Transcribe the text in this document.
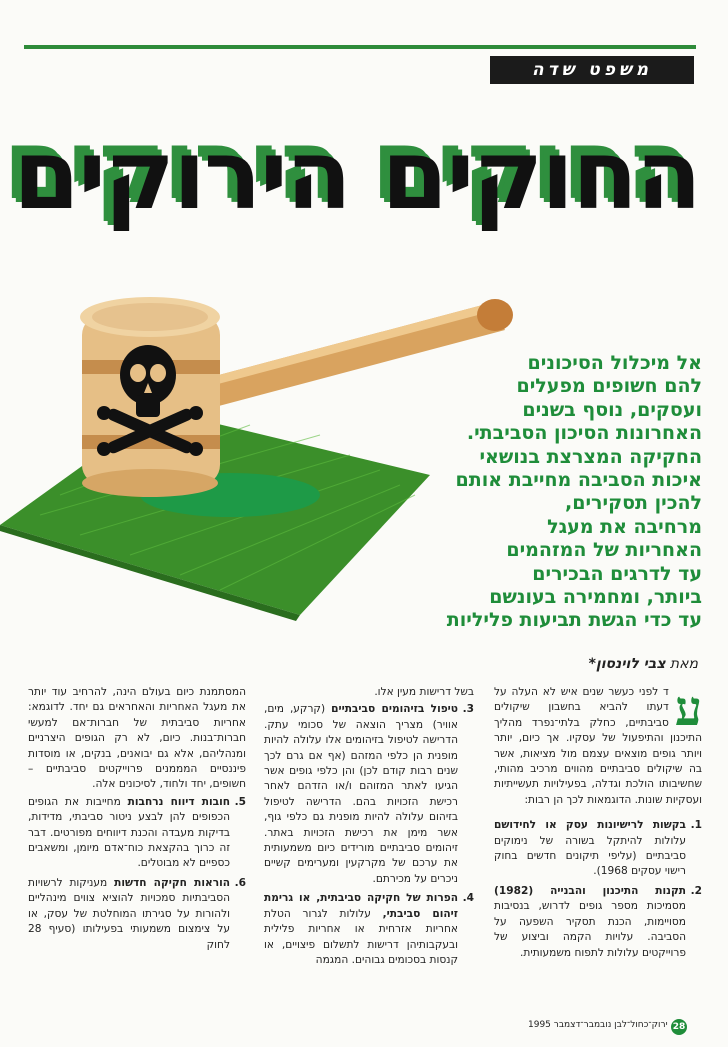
משפט שדה
החוקים הירוקים
אל מיכלול הסיכונים
להם חשופים מפעלים
ועסקים, נוסף בשנים
האחרונות הסיכון הסביבתי.
החקיקה המצרצת בנושאי
איכות הסביבה מחייבת אותם
להכין תסקירים,
מרחיבה את מעגל
האחריות של המזהמים
עד לדרגים הבכירים
ביותר, ומחמירה בעונשם
עד כדי הגשת תביעות פליליות
מאת צבי לוינסון*

ע
ד לפני כעשר שנים איש לא העלה על דעתו להביא בחשבון שיקולים סביבתיים, כחלק בלתי־נפרד מהליך התיכנון והתיפעול של עסקיו. אך כיום, יותר ויותר גופים מוצאים עצמם מול מציאות, אשר בה שיקולים סביבתיים מהווים מרכיב מהותי, שחשיבותו הולכת וגדלה, בפעילויות תעשייתיות ועסקיות שונות. הדוגמאות לכך הן רבות:

1.
בקשות לרישיונות עסק או לחידושם עלולות להיתקל בשורה של נימוקים סביבתיים (עליפי תיקונים חדשים בחוק רישוי עסקים 1968).
2.
תקנות התיכנון והבנייה (1982) מסמיכות מספר גופים לדרוש, בנסיבות מסויימות, הכנת תסקיר השפעה על הסביבה. עלויות הקמה וביצוע של פרוייקטים עלולות לתפוח משמעותית.

בשל דרישות מעין אלו.

3.
טיפול בזיהומים סביבתיים (קרקע, מים, אוויר) מצריך הוצאה של סכומי עתק. הדרישה לטיפול בזיהומים אלו עלולה להיות מופנית הן כלפי המזהם (אף אם גרם לכך שנים רבות קודם לכן) והן כלפי גופים אשר הגיעו לאתר המזוהם ו/או הזדהם לאחר רכישת הזכויות בהם. הדרישה לטיפול בזיהום עלולה להיות מופנית גם כלפי גוף, אשר מימן את רכישת הזכויות באתר. זיהומים סביבתיים מורידים כיום משמעותית את ערכם של מקרקעין ומערימים קשיים ניכרים על מכירתם.
4.
הפרות של חקיקה סביבתית, או גרימת זיהום סביבתי, עלולות לגרור הטלת אחריות אזרחית או אחריות פלילית ובעקבותיהן דרישות לתשלום פיצויים, או קנסות בסכומים גבוהים. המגמה

המסתמנת כיום בעולם הינה, להרחיב עוד יותר את מעגל האחריות והאחראים גם יחד. לדוגמא: אחריות סביבתית של חברות־אם למעשי חברות־בנות. כיום, לא רק הגופים היצרניים ומנהליהם, אלא גם יבואנים, בנקים, או מוסדות פיננסיים המממנים פרוייקטים סביבתיים – חשופים, יחד ולחוד, לסיכונים אלה.

5.
חובות דיווח נרחבות מחייבות את הגופים הכפופים להן לבצע ניטור סביבתי, מדידות, בדיקות מעבדה והכנת דיווחים מפורטים. דבר זה כרוך בהקצאת כוח־אדם מיומן, ומשאבים כספיים לא מבוטלים.
6.
הוראות חקיקה חדשות מעניקות לרשויות הסביבתיות סמכויות להוציא צווים מינהליים ולהורות על סגירתו המוחלטת של עסק, או על צימצום משמעותי בפעילותו (סעיף 28 לחוק
ירוק־כחול־לבן נובמבר־דצמבר 1995 28
